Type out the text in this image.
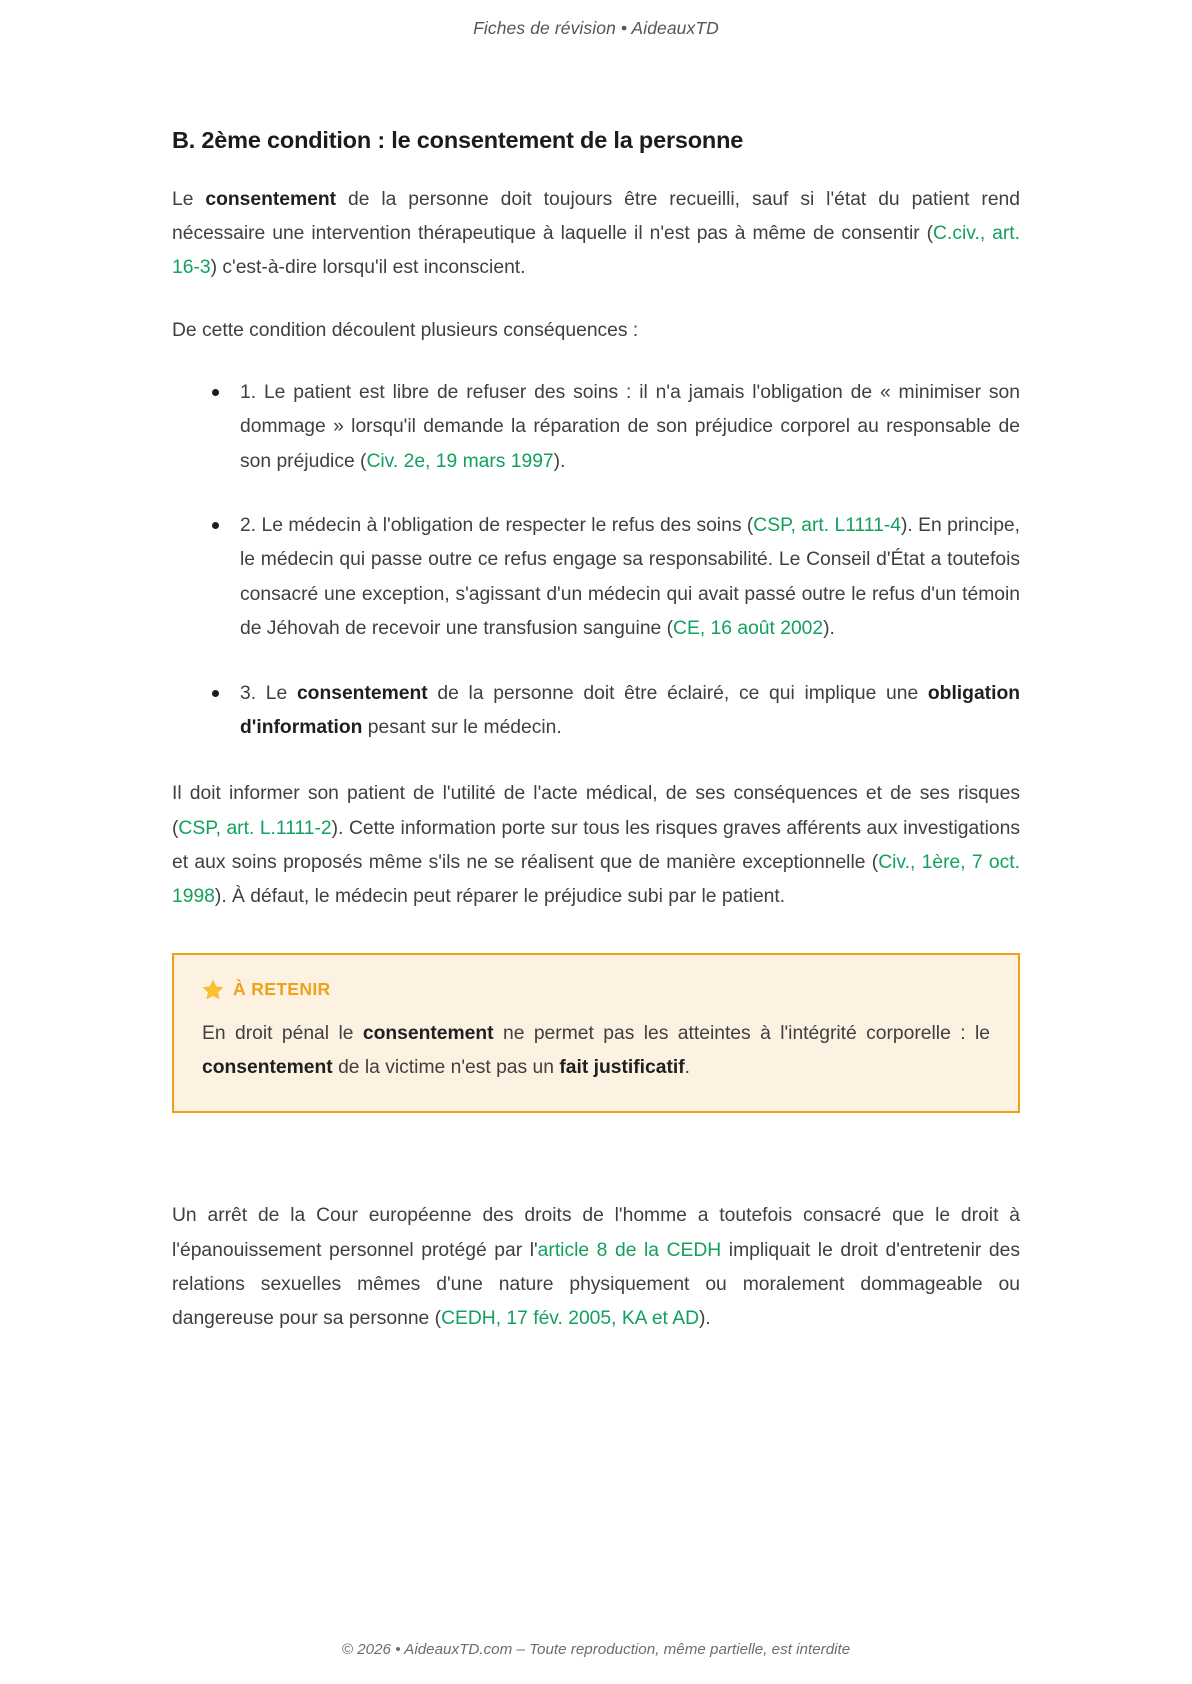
Fiches de révision • AideauxTD
B. 2ème condition : le consentement de la personne

Le consentement de la personne doit toujours être recueilli, sauf si l'état du patient rend nécessaire une intervention thérapeutique à laquelle il n'est pas à même de consentir (C.civ., art. 16-3) c'est-à-dire lorsqu'il est inconscient.

De cette condition découlent plusieurs conséquences :

1. Le patient est libre de refuser des soins : il n'a jamais l'obligation de « minimiser son dommage » lorsqu'il demande la réparation de son préjudice corporel au responsable de son préjudice (Civ. 2e, 19 mars 1997).
2. Le médecin à l'obligation de respecter le refus des soins (CSP, art. L1111-4). En principe, le médecin qui passe outre ce refus engage sa responsabilité. Le Conseil d'État a toutefois consacré une exception, s'agissant d'un médecin qui avait passé outre le refus d'un témoin de Jéhovah de recevoir une transfusion sanguine (CE, 16 août 2002).
3. Le consentement de la personne doit être éclairé, ce qui implique une obligation d'information pesant sur le médecin.

Il doit informer son patient de l'utilité de l'acte médical, de ses conséquences et de ses risques (CSP, art. L.1111-2). Cette information porte sur tous les risques graves afférents aux investigations et aux soins proposés même s'ils ne se réalisent que de manière exceptionnelle (Civ., 1ère, 7 oct. 1998). À défaut, le médecin peut réparer le préjudice subi par le patient.

À RETENIR

En droit pénal le consentement ne permet pas les atteintes à l'intégrité corporelle : le consentement de la victime n'est pas un fait justificatif.

Un arrêt de la Cour européenne des droits de l'homme a toutefois consacré que le droit à l'épanouissement personnel protégé par l'article 8 de la CEDH impliquait le droit d'entretenir des relations sexuelles mêmes d'une nature physiquement ou moralement dommageable ou dangereuse pour sa personne (CEDH, 17 fév. 2005, KA et AD).

© 2026 • AideauxTD.com – Toute reproduction, même partielle, est interdite
